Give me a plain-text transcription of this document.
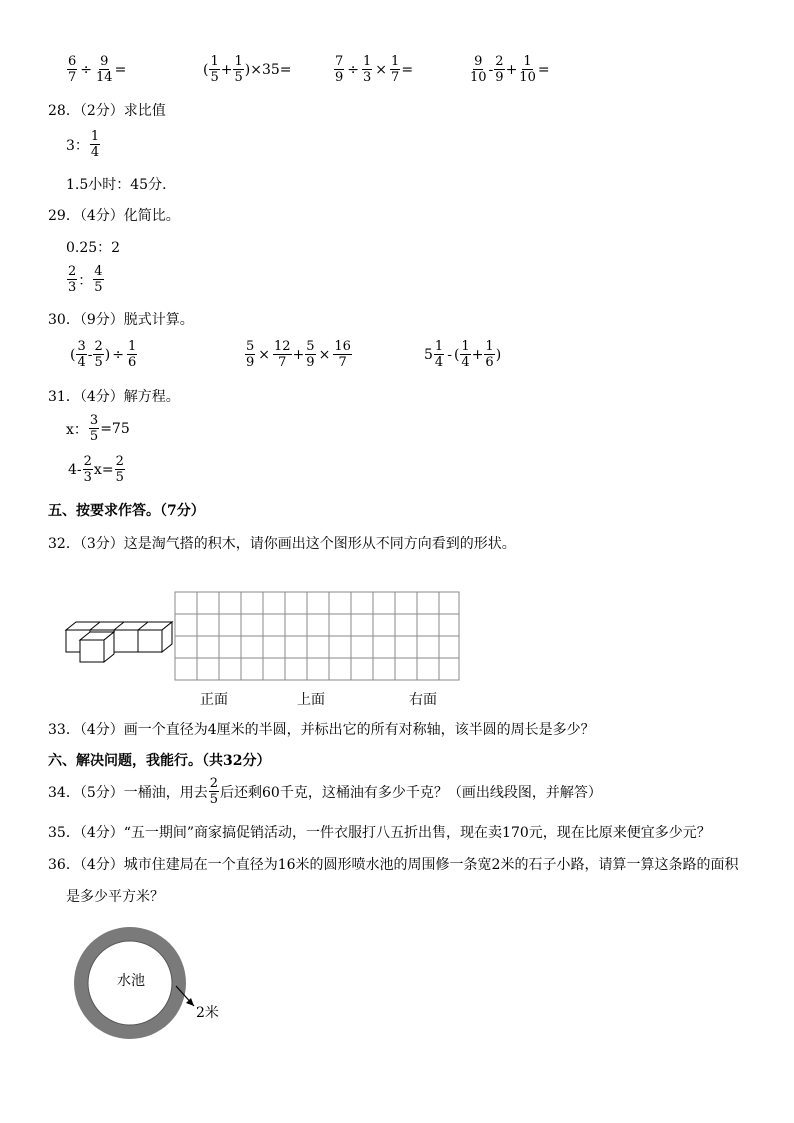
$\frac{6}{7} \div \frac{9}{14}$ =	( $\frac{1}{5} + \frac{1}{5}$ ) ×35=	$\frac{7}{9} \div \frac{1}{3} \times \frac{1}{7}$ =	$\frac{9}{10} - \frac{2}{9} + \frac{1}{10}$ =
28．（2分）求比值
3： $\frac{1}{4}$
1.5小时：45分．
29．（4分）化简比。
0.25：2
$\frac{2}{3}$ ： $\frac{4}{5}$
30．（9分）脱式计算。
( $\frac{3}{4} - \frac{2}{5}$ ) ÷ $\frac{1}{6}$	$\frac{5}{9} \times \frac{12}{7} + \frac{5}{9} \times \frac{16}{7}$	$5 \frac{1}{4}$ - ( $\frac{1}{4} + \frac{1}{6}$ )
31．（4分）解方程。
x： $\frac{3}{5} =75$
$4- \frac{2}{3} x= \frac{2}{5}$
五、按要求作答。（7分）
32．（3分）这是淘气搭的积木，请你画出这个图形从不同方向看到的形状。
正面	上面	右面
33．（4分）画一个直径为4厘米的半圆，并标出它的所有对称轴，该半圆的周长是多少？
六、解决问题，我能行。（共32分）
34．（5分）一桶油，用去 $\frac{2}{5}$ 后还剩60千克，这桶油有多少千克？（画出线段图，并解答）
35．（4分）“五一期间”商家搞促销活动，一件衣服打八五折出售，现在卖170元，现在比原来便宜多少元？
36．（4分）城市住建局在一个直径为16米的圆形喷水池的周围修一条宽2米的石子小路，请算一算这条路的面积
是多少平方米？
水池
2米
